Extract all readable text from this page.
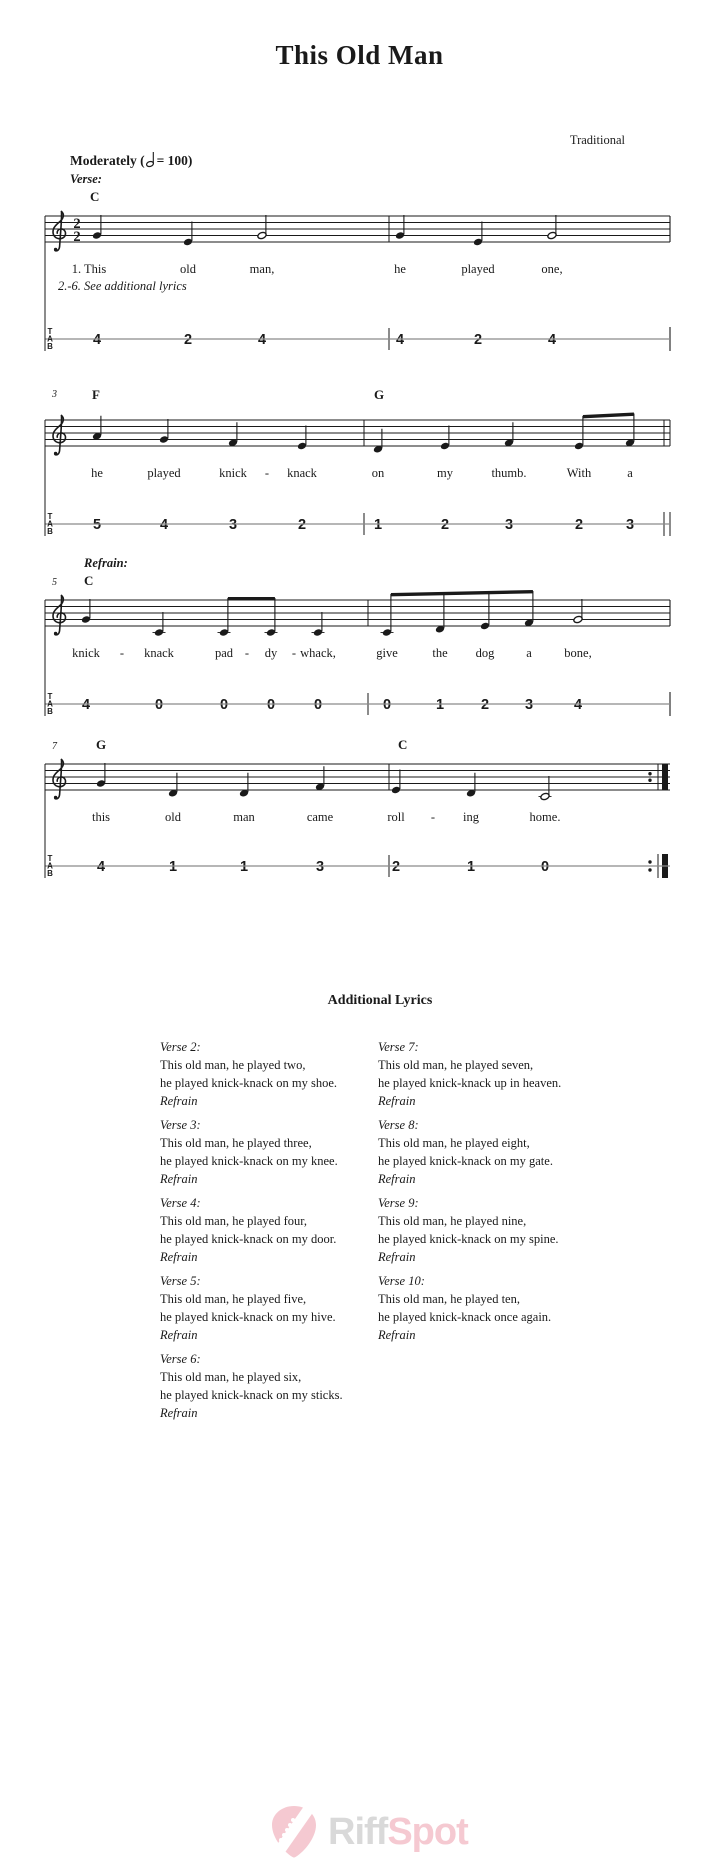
This Old Man
Traditional
Moderately ( = 100)
Verse:
C
2
2
1. This
4
old
2
man,
4
he
4
played
2
one,
4
2.-6. See additional lyrics
T
A
B
3	F	G
he
5
played
4
knick
3
knack
2
on
1
my
2
thumb.
3
With
2
a
3
-
T
A
B
Refrain:
5 C
knick
4
knack
0
pad
0
dy
0
whack,
0
give
0
the
1
dog
2
a
3
bone,
4
-	-	-
T
A
B
7	G	C
this
4
old
1
man
1
came
3
roll
2
ing
1
home.
0
-
T
A
B
Additional Lyrics
Verse 2:
This old man, he played two,
he played knick-knack on my shoe.
Refrain
Verse 3:
This old man, he played three,
he played knick-knack on my knee.
Refrain
Verse 4:
This old man, he played four,
he played knick-knack on my door.
Refrain
Verse 5:
This old man, he played five,
he played knick-knack on my hive.
Refrain
Verse 6:
This old man, he played six,
he played knick-knack on my sticks.
Refrain
Verse 7:
This old man, he played seven,
he played knick-knack up in heaven.
Refrain
Verse 8:
This old man, he played eight,
he played knick-knack on my gate.
Refrain
Verse 9:
This old man, he played nine,
he played knick-knack on my spine.
Refrain
Verse 10:
This old man, he played ten,
he played knick-knack once again.
Refrain
RiffSpot
